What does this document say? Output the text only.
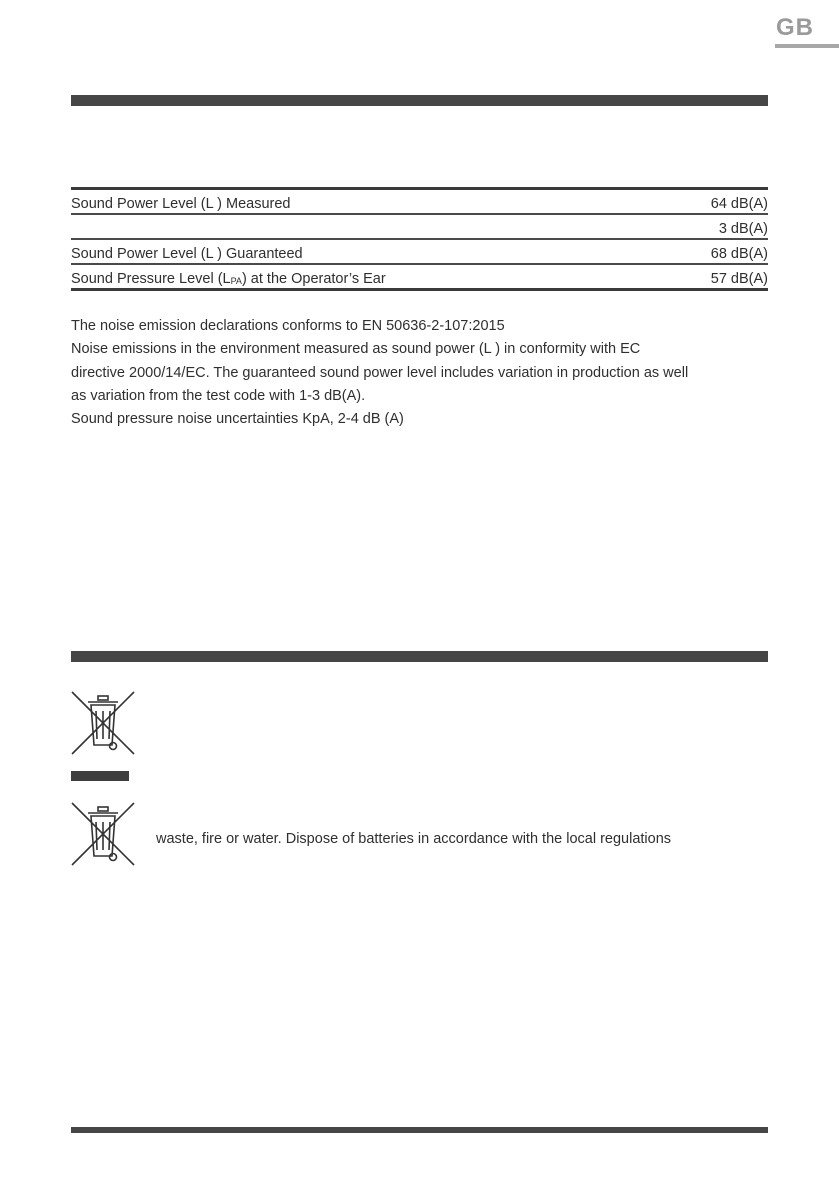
GB
Sound Power Level (L ) Measured	64 dB(A)
3 dB(A)
Sound Power Level (L ) Guaranteed	68 dB(A)
Sound Pressure Level $(L_{PA})$ at the Operator’s Ear	57 dB(A)

The noise emission declarations conforms to EN 50636-2-107:2015

Noise emissions in the environment measured as sound power (L ) in conformity with EC

directive 2000/14/EC. The guaranteed sound power level includes variation in production as well

as variation from the test code with 1-3 dB(A).

Sound pressure noise uncertainties KpA, 2-4 dB (A)

waste, fire or water. Dispose of batteries in accordance with the local regulations
